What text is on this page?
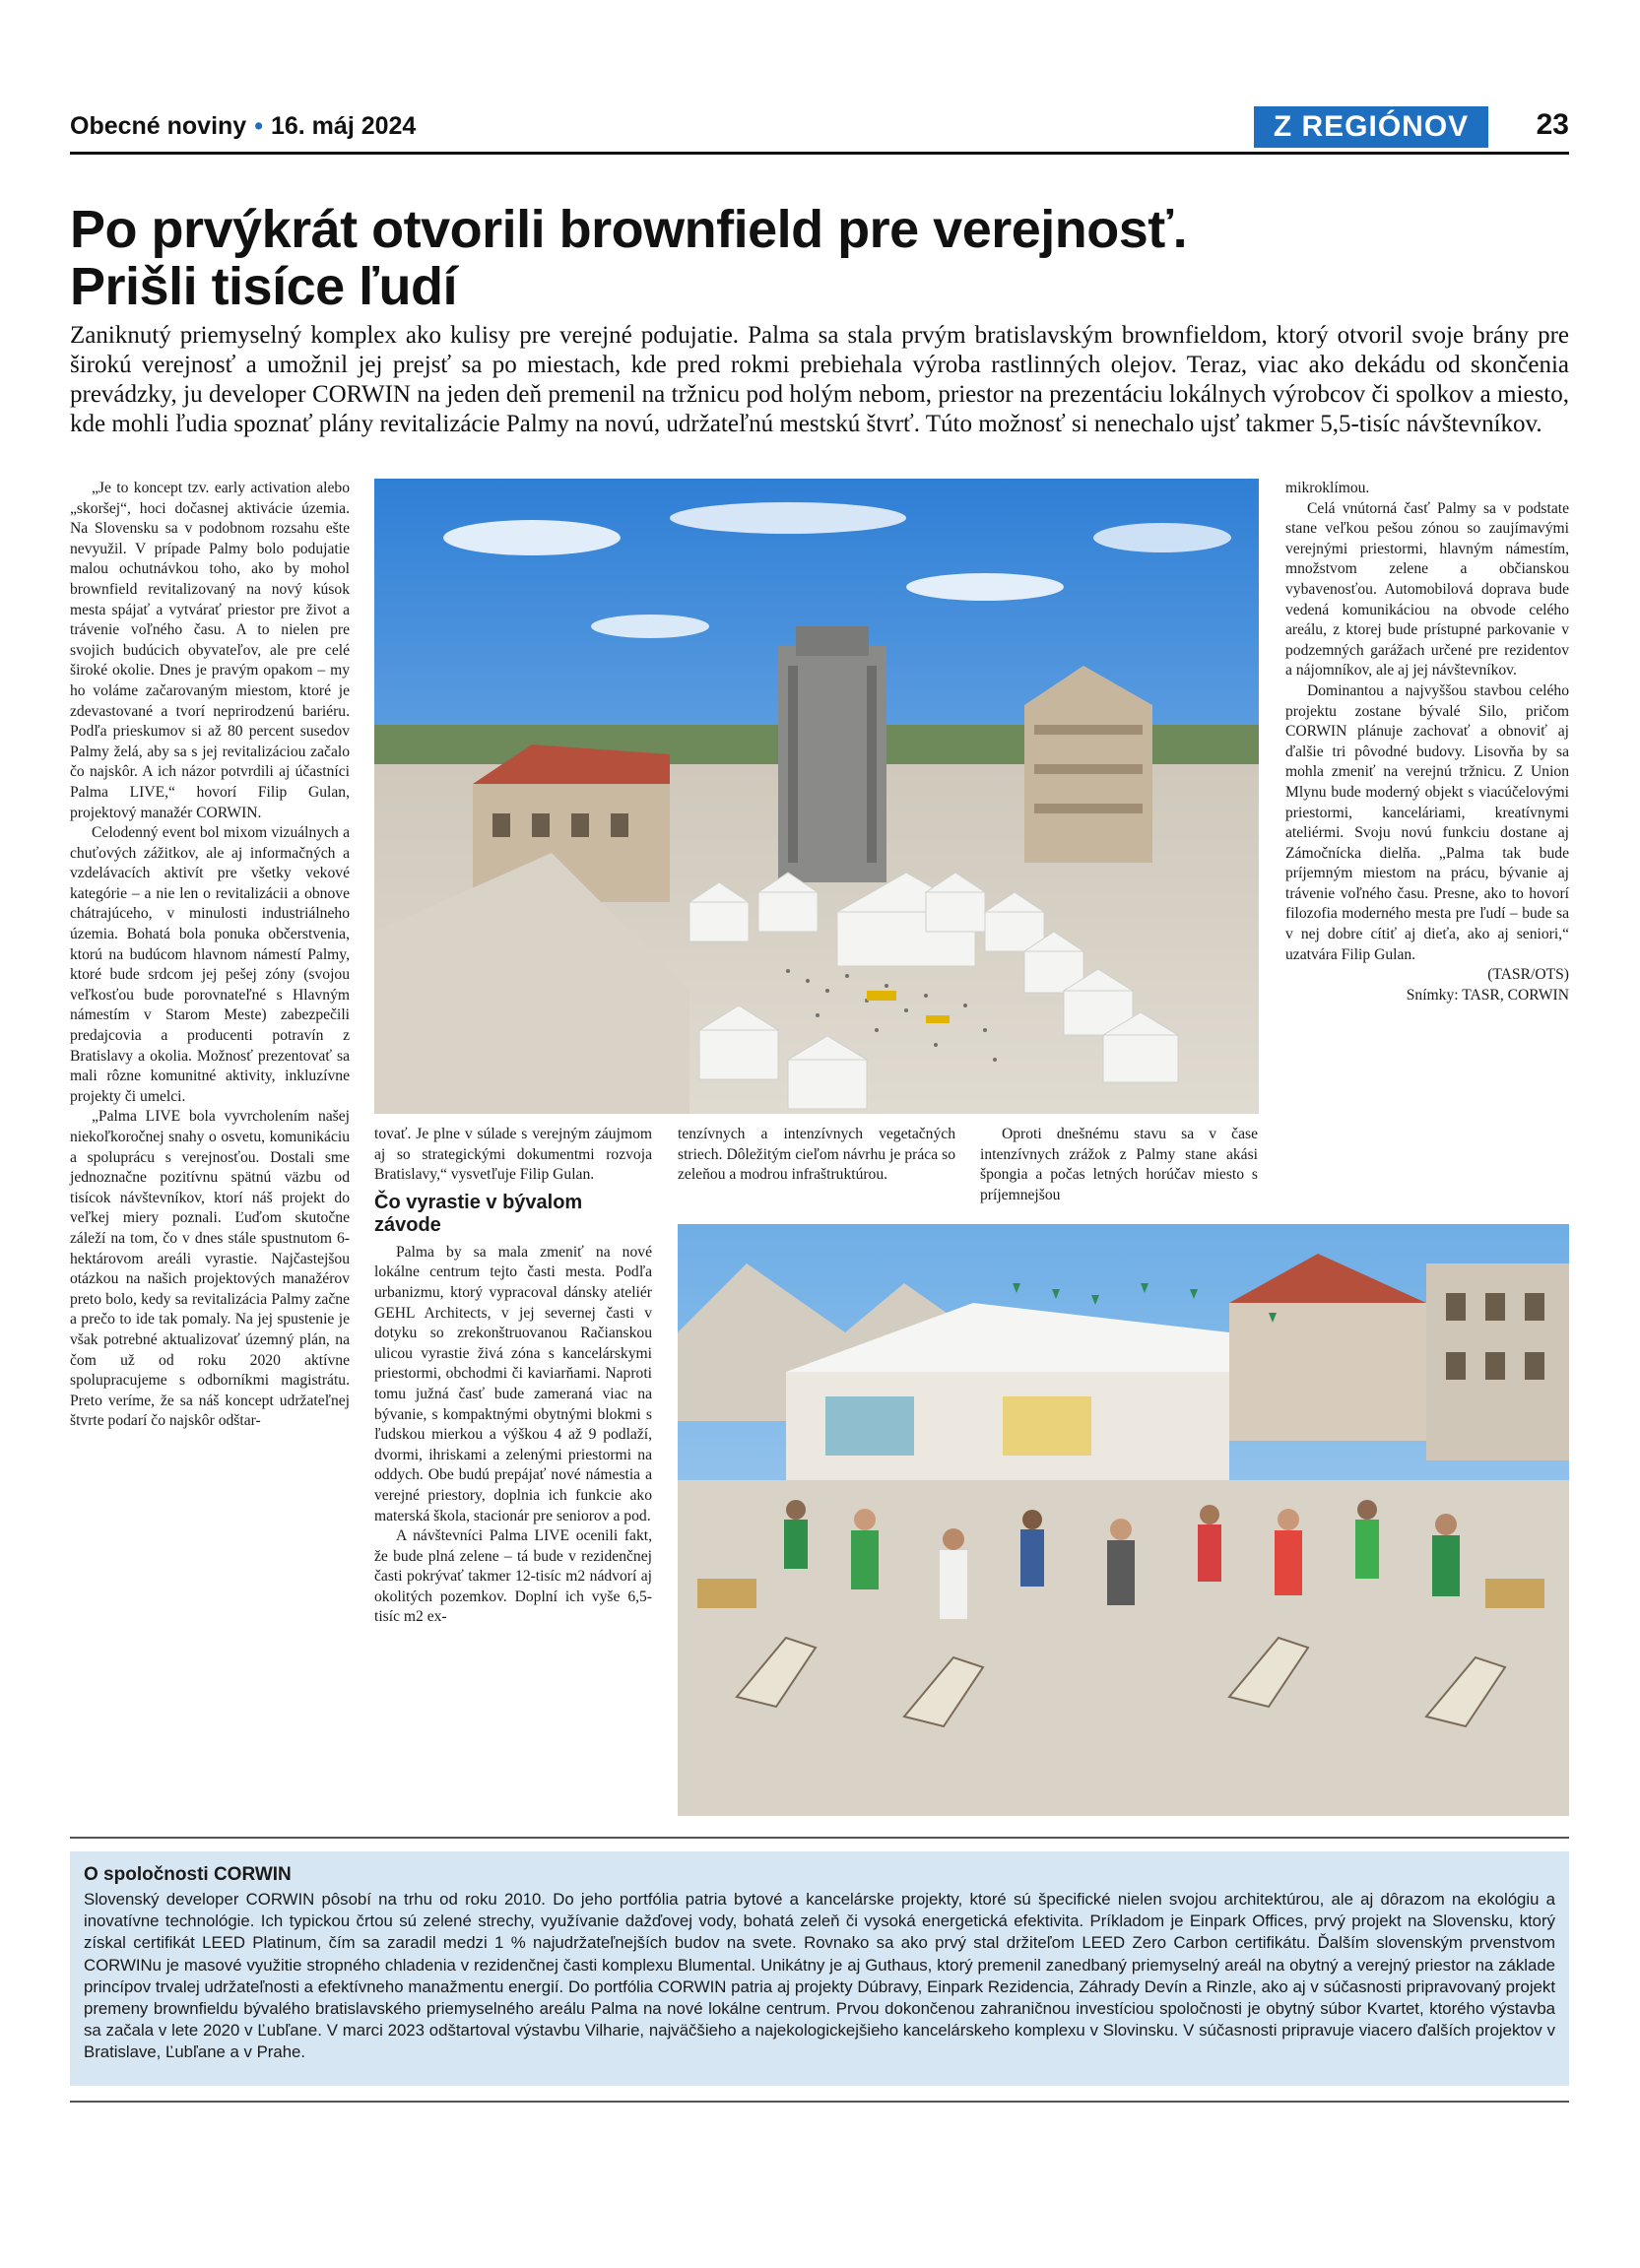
Obecné noviny • 16. máj 2024	Z REGIÓNOV	23
Po prvýkrát otvorili brownfield pre verejnosť.
Prišli tisíce ľudí

Zaniknutý priemyselný komplex ako kulisy pre verejné podujatie. Palma sa stala prvým bratislavským brownfieldom, ktorý otvoril svoje brány pre širokú verejnosť a umožnil jej prejsť sa po miestach, kde pred rokmi prebiehala výroba rastlinných olejov. Teraz, viac ako dekádu od skončenia prevádzky, ju developer CORWIN na jeden deň premenil na tržnicu pod holým nebom, priestor na prezentáciu lokálnych výrobcov či spolkov a miesto, kde mohli ľudia spoznať plány revitalizácie Palmy na novú, udržateľnú mestskú štvrť. Túto možnosť si nenechalo ujsť takmer 5,5-tisíc návštevníkov.

„Je to koncept tzv. early activation alebo „skoršej“, hoci dočasnej aktivácie územia. Na Slovensku sa v podobnom rozsahu ešte nevyužil. V prípade Palmy bolo podujatie malou ochutnávkou toho, ako by mohol brownfield revitalizovaný na nový kúsok mesta spájať a vytvárať priestor pre život a trávenie voľného času. A to nielen pre svojich budúcich obyvateľov, ale pre celé široké okolie. Dnes je pravým opakom – my ho voláme začarovaným miestom, ktoré je zdevastované a tvorí neprirodzenú bariéru. Podľa prieskumov si až 80 percent susedov Palmy želá, aby sa s jej revitalizáciou začalo čo najskôr. A ich názor potvrdili aj účastníci Palma LIVE,“ hovorí Filip Gulan, projektový manažér CORWIN.

Celodenný event bol mixom vizuálnych a chuťových zážitkov, ale aj informačných a vzdelávacích aktivít pre všetky vekové kategórie – a nie len o revitalizácii a obnove chátrajúceho, v minulosti industriálneho územia. Bohatá bola ponuka občerstvenia, ktorú na budúcom hlavnom námestí Palmy, ktoré bude srdcom jej pešej zóny (svojou veľkosťou bude porovnateľné s Hlavným námestím v Starom Meste) zabezpečili predajcovia a producenti potravín z Bratislavy a okolia. Možnosť prezentovať sa mali rôzne komunitné aktivity, inkluzívne projekty či umelci.

„Palma LIVE bola vyvrcholením našej niekoľkoročnej snahy o osvetu, komunikáciu a spoluprácu s verejnosťou. Dostali sme jednoznačne pozitívnu spätnú väzbu od tisícok návštevníkov, ktorí náš projekt do veľkej miery poznali. Ľuďom skutočne záleží na tom, čo v dnes stále spustnutom 6-hektárovom areáli vyrastie. Najčastejšou otázkou na našich projektových manažérov preto bolo, kedy sa revitalizácia Palmy začne a prečo to ide tak pomaly. Na jej spustenie je však potrebné aktualizovať územný plán, na čom už od roku 2020 aktívne spolupracujeme s odborníkmi magistrátu. Preto veríme, že sa náš koncept udržateľnej štvrte podarí čo najskôr odštar-

tovať. Je plne v súlade s verejným záujmom aj so strategickými dokumentmi rozvoja Bratislavy,“ vysvetľuje Filip Gulan.

Čo vyrastie v bývalom závode

Palma by sa mala zmeniť na nové lokálne centrum tejto časti mesta. Podľa urbanizmu, ktorý vypracoval dánsky ateliér GEHL Architects, v jej severnej časti v dotyku so zrekonštruovanou Račianskou ulicou vyrastie živá zóna s kancelárskymi priestormi, obchodmi či kaviarňami. Naproti tomu južná časť bude zameraná viac na bývanie, s kompaktnými obytnými blokmi s ľudskou mierkou a výškou 4 až 9 podlaží, dvormi, ihriskami a zelenými priestormi na oddych. Obe budú prepájať nové námestia a verejné priestory, doplnia ich funkcie ako materská škola, stacionár pre seniorov a pod.

A návštevníci Palma LIVE ocenili fakt, že bude plná zelene – tá bude v rezidenčnej časti pokrývať takmer 12-tisíc m2 nádvorí aj okolitých pozemkov. Doplní ich vyše 6,5-tisíc m2 ex-

tenzívnych a intenzívnych vegetačných striech. Dôležitým cieľom návrhu je práca so zeleňou a modrou infraštruktúrou.

Oproti dnešnému stavu sa v čase intenzívnych zrážok z Palmy stane akási špongia a počas letných horúčav miesto s príjemnejšou

mikroklímou.

Celá vnútorná časť Palmy sa v podstate stane veľkou pešou zónou so zaujímavými verejnými priestormi, hlavným námestím, množstvom zelene a občianskou vybavenosťou. Automobilová doprava bude vedená komunikáciou na obvode celého areálu, z ktorej bude prístupné parkovanie v podzemných garážach určené pre rezidentov a nájomníkov, ale aj jej návštevníkov.

Dominantou a najvyššou stavbou celého projektu zostane bývalé Silo, pričom CORWIN plánuje zachovať a obnoviť aj ďalšie tri pôvodné budovy. Lisovňa by sa mohla zmeniť na verejnú tržnicu. Z Union Mlynu bude moderný objekt s viacúčelovými priestormi, kanceláriami, kreatívnymi ateliérmi. Svoju novú funkciu dostane aj Zámočnícka dielňa. „Palma tak bude príjemným miestom na prácu, bývanie aj trávenie voľného času. Presne, ako to hovorí filozofia moderného mesta pre ľudí – bude sa v nej dobre cítiť aj dieťa, ako aj seniori,“ uzatvára Filip Gulan.

(TASR/OTS)

Snímky: TASR, CORWIN

O spoločnosti CORWIN

Slovenský developer CORWIN pôsobí na trhu od roku 2010. Do jeho portfólia patria bytové a kancelárske projekty, ktoré sú špecifické nielen svojou architektúrou, ale aj dôrazom na ekológiu a inovatívne technológie. Ich typickou črtou sú zelené strechy, využívanie dažďovej vody, bohatá zeleň či vysoká energetická efektivita. Príkladom je Einpark Offices, prvý projekt na Slovensku, ktorý získal certifikát LEED Platinum, čím sa zaradil medzi 1 % najudržateľnejších budov na svete. Rovnako sa ako prvý stal držiteľom LEED Zero Carbon certifikátu. Ďalším slovenským prvenstvom CORWINu je masové využitie stropného chladenia v rezidenčnej časti komplexu Blumental. Unikátny je aj Guthaus, ktorý premenil zanedbaný priemyselný areál na obytný a verejný priestor na základe princípov trvalej udržateľnosti a efektívneho manažmentu energií. Do portfólia CORWIN patria aj projekty Dúbravy, Einpark Rezidencia, Záhrady Devín a Rinzle, ako aj v súčasnosti pripravovaný projekt premeny brownfieldu bývalého bratislavského priemyselného areálu Palma na nové lokálne centrum. Prvou dokončenou zahraničnou investíciou spoločnosti je obytný súbor Kvartet, ktorého výstavba sa začala v lete 2020 v Ľubľane. V marci 2023 odštartoval výstavbu Vilharie, najväčšieho a najekologickejšieho kancelárskeho komplexu v Slovinsku. V súčasnosti pripravuje viacero ďalších projektov v Bratislave, Ľubľane a v Prahe.
